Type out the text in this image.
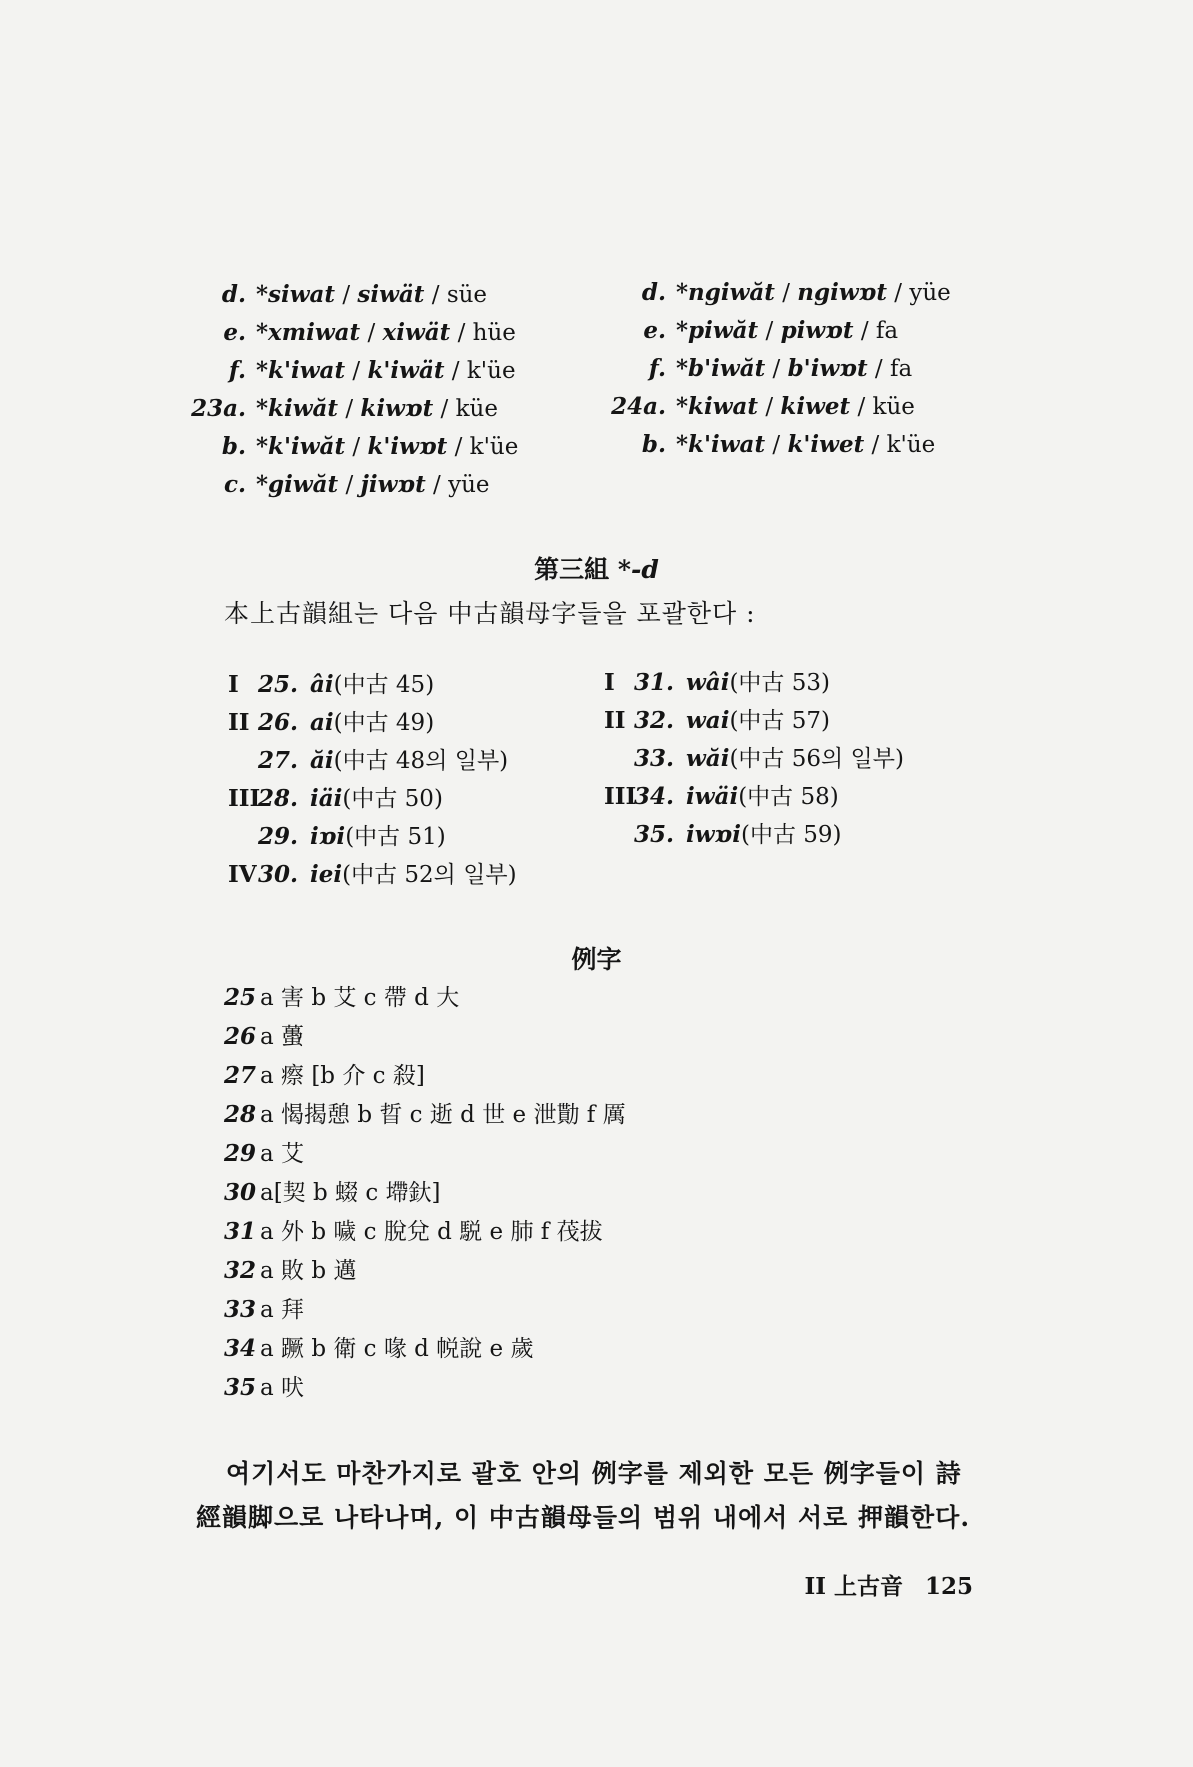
d. *siwat / siwät / süe
e. *xmiwat / xiwät / hüe
f. *k'iwat / k'iwät / k'üe
23a. *kiwăt / kiwɒt / küe
b. *k'iwăt / k'iwɒt / k'üe
c. *giwăt / jiwɒt / yüe
d. *ngiwăt / ngiwɒt / yüe
e. *piwăt / piwɒt / fa
f. *b'iwăt / b'iwɒt / fa
24a. *kiwat / kiwet / küe
b. *k'iwat / k'iwet / k'üe
第三組 *-d
本上古韻組는 다음 中古韻母字들을 포괄한다 :
I 25. âi(中古 45)
II 26. ai(中古 49)
27. ăi(中古 48의 일부)
III28. iäi(中古 50)
29. iɒi(中古 51)
IV30. iei(中古 52의 일부)
I 31. wâi(中古 53)
II 32. wai(中古 57)
33. wăi(中古 56의 일부)
III34. iwäi(中古 58)
35. iwɒi(中古 59)
例字
25 a 害 b 艾 c 帶 d 大
26 a 蠆
27 a 瘵 [b 介 c 殺]
28 a 愒揭憩 b 晢 c 逝 d 世 e 泄勩 f 厲
29 a 艾
30 a[契 b 蝃 c 墆釱]
31 a 外 b 噦 c 脫兌 d 駾 e 肺 f 茷拔
32 a 敗 b 邁
33 a 拜
34 a 蹶 b 衛 c 喙 d 帨說 e 歲
35 a 吠
여기서도 마찬가지로 괄호 안의 例字를 제외한 모든 例字들이 詩
經韻脚으로 나타나며, 이 中古韻母들의 범위 내에서 서로 押韻한다.
II 上古音 125
